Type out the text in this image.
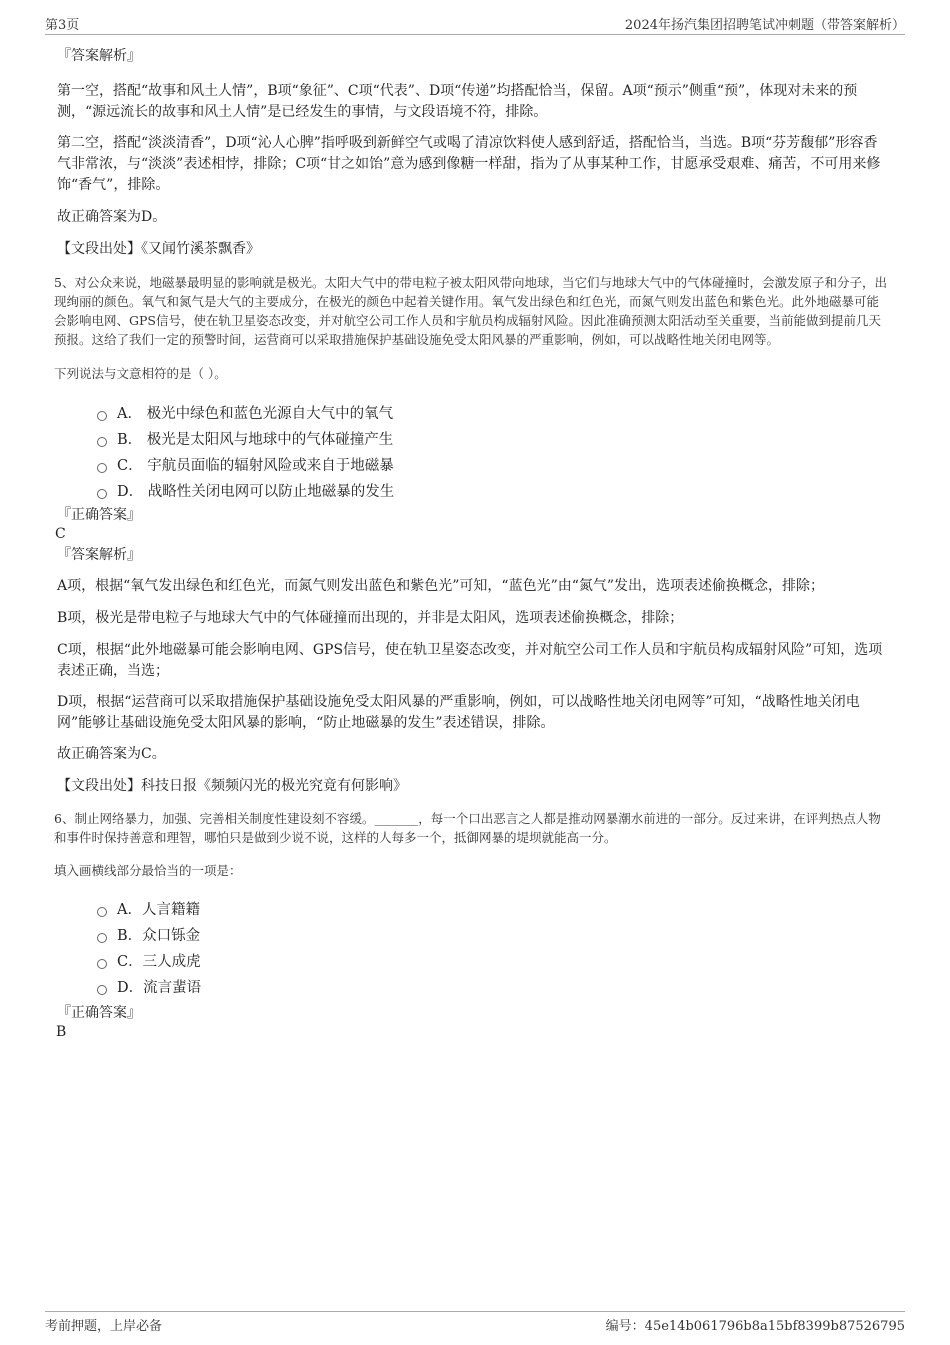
第3页	2024年扬汽集团招聘笔试冲刺题（带答案解析）

『答案解析』

第一空，搭配“故事和风土人情”，B项“象征”、C项“代表”、D项“传递”均搭配恰当，保留。A项“预示”侧重“预”，体现对未来的预测，“源远流长的故事和风土人情”是已经发生的事情，与文段语境不符，排除。

第二空，搭配“淡淡清香”，D项“沁人心脾”指呼吸到新鲜空气或喝了清凉饮料使人感到舒适，搭配恰当，当选。B项“芬芳馥郁”形容香气非常浓，与“淡淡”表述相悖，排除；C项“甘之如饴”意为感到像糖一样甜，指为了从事某种工作，甘愿承受艰难、痛苦，不可用来修饰“香气”，排除。

故正确答案为D。

【文段出处】《又闻竹溪茶飘香》

5、对公众来说，地磁暴最明显的影响就是极光。太阳大气中的带电粒子被太阳风带向地球，当它们与地球大气中的气体碰撞时，会激发原子和分子，出现绚丽的颜色。氧气和氮气是大气的主要成分，在极光的颜色中起着关键作用。氧气发出绿色和红色光，而氮气则发出蓝色和紫色光。此外地磁暴可能会影响电网、GPS信号，使在轨卫星姿态改变，并对航空公司工作人员和宇航员构成辐射风险。因此准确预测太阳活动至关重要，当前能做到提前几天预报。这给了我们一定的预警时间，运营商可以采取措施保护基础设施免受太阳风暴的严重影响，例如，可以战略性地关闭电网等。

下列说法与文意相符的是（ ）。

A． 极光中绿色和蓝色光源自大气中的氧气
B． 极光是太阳风与地球中的气体碰撞产生
C． 宇航员面临的辐射风险或来自于地磁暴
D． 战略性关闭电网可以防止地磁暴的发生

『正确答案』

C

『答案解析』

A项，根据“氧气发出绿色和红色光，而氮气则发出蓝色和紫色光”可知，“蓝色光”由“氮气”发出，选项表述偷换概念，排除；

B项，极光是带电粒子与地球大气中的气体碰撞而出现的，并非是太阳风，选项表述偷换概念，排除；

C项，根据“此外地磁暴可能会影响电网、GPS信号，使在轨卫星姿态改变，并对航空公司工作人员和宇航员构成辐射风险”可知，选项表述正确，当选；

D项，根据“运营商可以采取措施保护基础设施免受太阳风暴的严重影响，例如，可以战略性地关闭电网等”可知，“战略性地关闭电网”能够让基础设施免受太阳风暴的影响，“防止地磁暴的发生”表述错误，排除。

故正确答案为C。

【文段出处】科技日报《频频闪光的极光究竟有何影响》

6、制止网络暴力，加强、完善相关制度性建设刻不容缓。_______，每一个口出恶言之人都是推动网暴潮水前进的一部分。反过来讲，在评判热点人物和事件时保持善意和理智，哪怕只是做到少说不说，这样的人每多一个，抵御网暴的堤坝就能高一分。

填入画横线部分最恰当的一项是：

A．人言籍籍
B．众口铄金
C．三人成虎
D．流言蜚语

『正确答案』

B

考前押题，上岸必备	编号：45e14b061796b8a15bf8399b87526795
